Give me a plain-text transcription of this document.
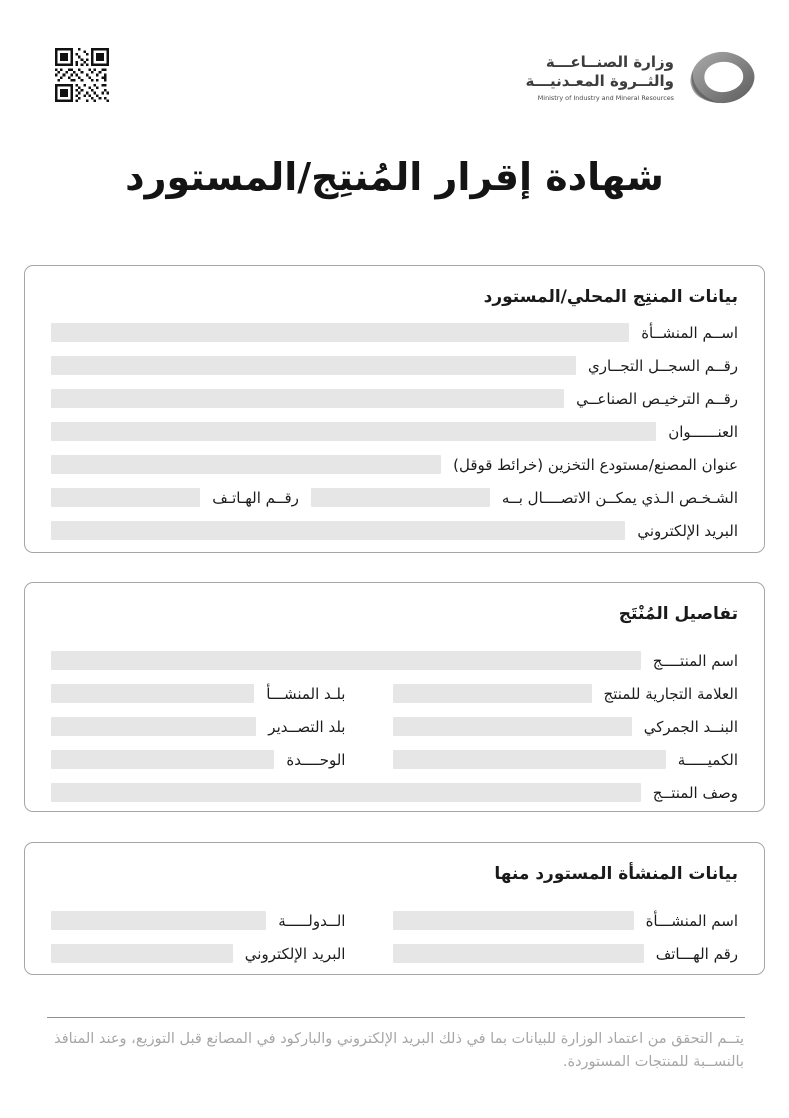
وزارة الصنــاعـــة
والثــروة المعـدنيـــة
Ministry of Industry and Mineral Resources
شهادة إقرار المُنتِج/المستورد
بيانات المنتِج المحلي/المستورد
اســم المنشــأة
رقــم السجــل التجــاري
رقــم الترخيـص الصناعــي
العنــــــوان
عنوان المصنع/مستودع التخزين (خرائط قوقل)
الشـخـص الـذي يمكــن الاتصــــال بــه
رقــم الهـاتـف
البريد الإلكتروني
تفاصيل المُنْتَج
اسم المنتــــج
العلامة التجارية للمنتج
بلـد المنشـــأ
البنــد الجمركي
بلد التصــدير
الكميـــــة
الوحــــدة
وصف المنتــج
بيانات المنشأة المستورد منها
اسم المنشـــأة
الــدولـــــة
رقم الهـــاتف
البريد الإلكتروني
يتــم التحقق من اعتماد الوزارة للبيانات بما في ذلك البريد الإلكتروني والباركود في المصانع قبل التوزيع، وعند المنافذ بالنســبة للمنتجات المستوردة.
